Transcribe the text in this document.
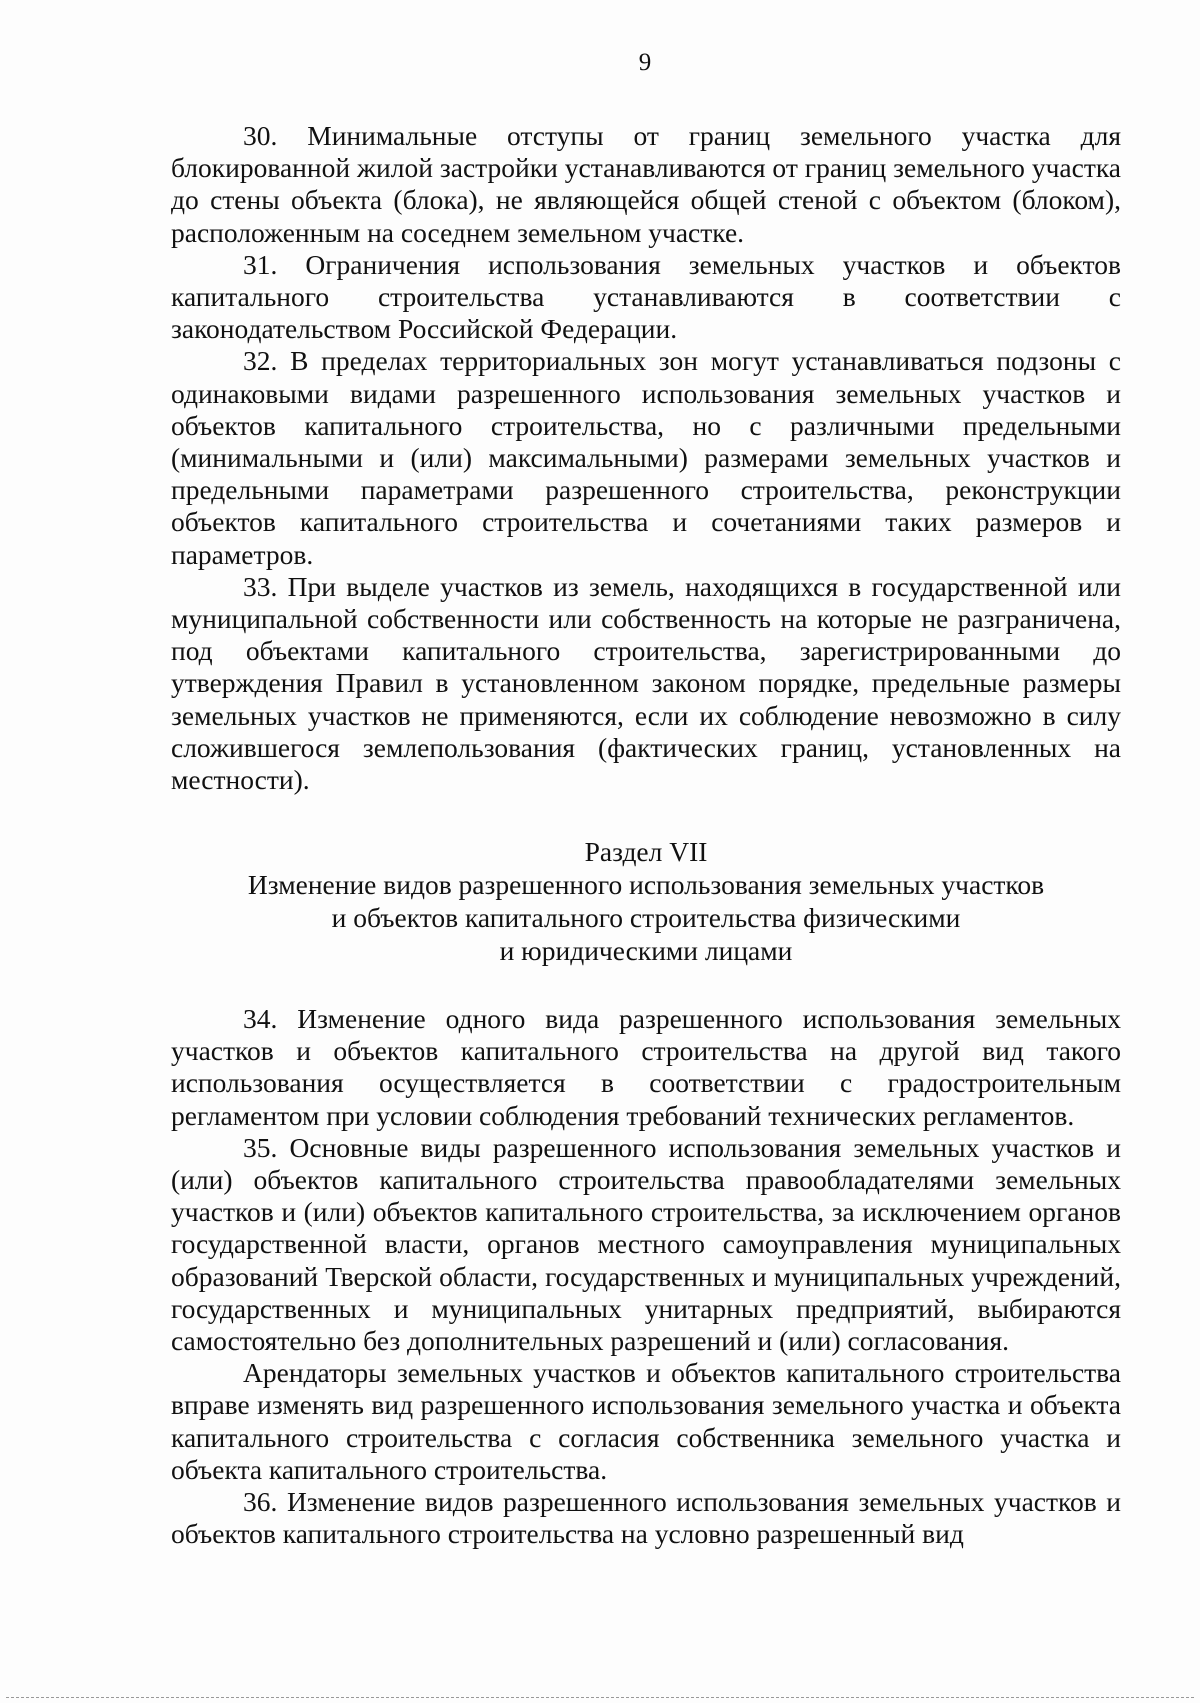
9

30. Минимальные отступы от границ земельного участка для блокированной жилой застройки устанавливаются от границ земельного участка до стены объекта (блока), не являющейся общей стеной с объектом (блоком), расположенным на соседнем земельном участке.

31. Ограничения использования земельных участков и объектов капитального строительства устанавливаются в соответствии с законодательством Российской Федерации.

32. В пределах территориальных зон могут устанавливаться подзоны с одинаковыми видами разрешенного использования земельных участков и объектов капитального строительства, но с различными предельными (минимальными и (или) максимальными) размерами земельных участков и предельными параметрами разрешенного строительства, реконструкции объектов капитального строительства и сочетаниями таких размеров и параметров.

33. При выделе участков из земель, находящихся в государственной или муниципальной собственности или собственность на которые не разграничена, под объектами капитального строительства, зарегистрированными до утверждения Правил в установленном законом порядке, предельные размеры земельных участков не применяются, если их соблюдение невозможно в силу сложившегося землепользования (фактических границ, установленных на местности).

Раздел VII
Изменение видов разрешенного использования земельных участков
и объектов капитального строительства физическими
и юридическими лицами

34. Изменение одного вида разрешенного использования земельных участков и объектов капитального строительства на другой вид такого использования осуществляется в соответствии с градостроительным регламентом при условии соблюдения требований технических регламентов.

35. Основные виды разрешенного использования земельных участков и (или) объектов капитального строительства правообладателями земельных участков и (или) объектов капитального строительства, за исключением органов государственной власти, органов местного самоуправления муниципальных образований Тверской области, государственных и муниципальных учреждений, государственных и муниципальных унитарных предприятий, выбираются самостоятельно без дополнительных разрешений и (или) согласования.

Арендаторы земельных участков и объектов капитального строительства вправе изменять вид разрешенного использования земельного участка и объекта капитального строительства с согласия собственника земельного участка и объекта капитального строительства.

36. Изменение видов разрешенного использования земельных участков и объектов капитального строительства на условно разрешенный вид
